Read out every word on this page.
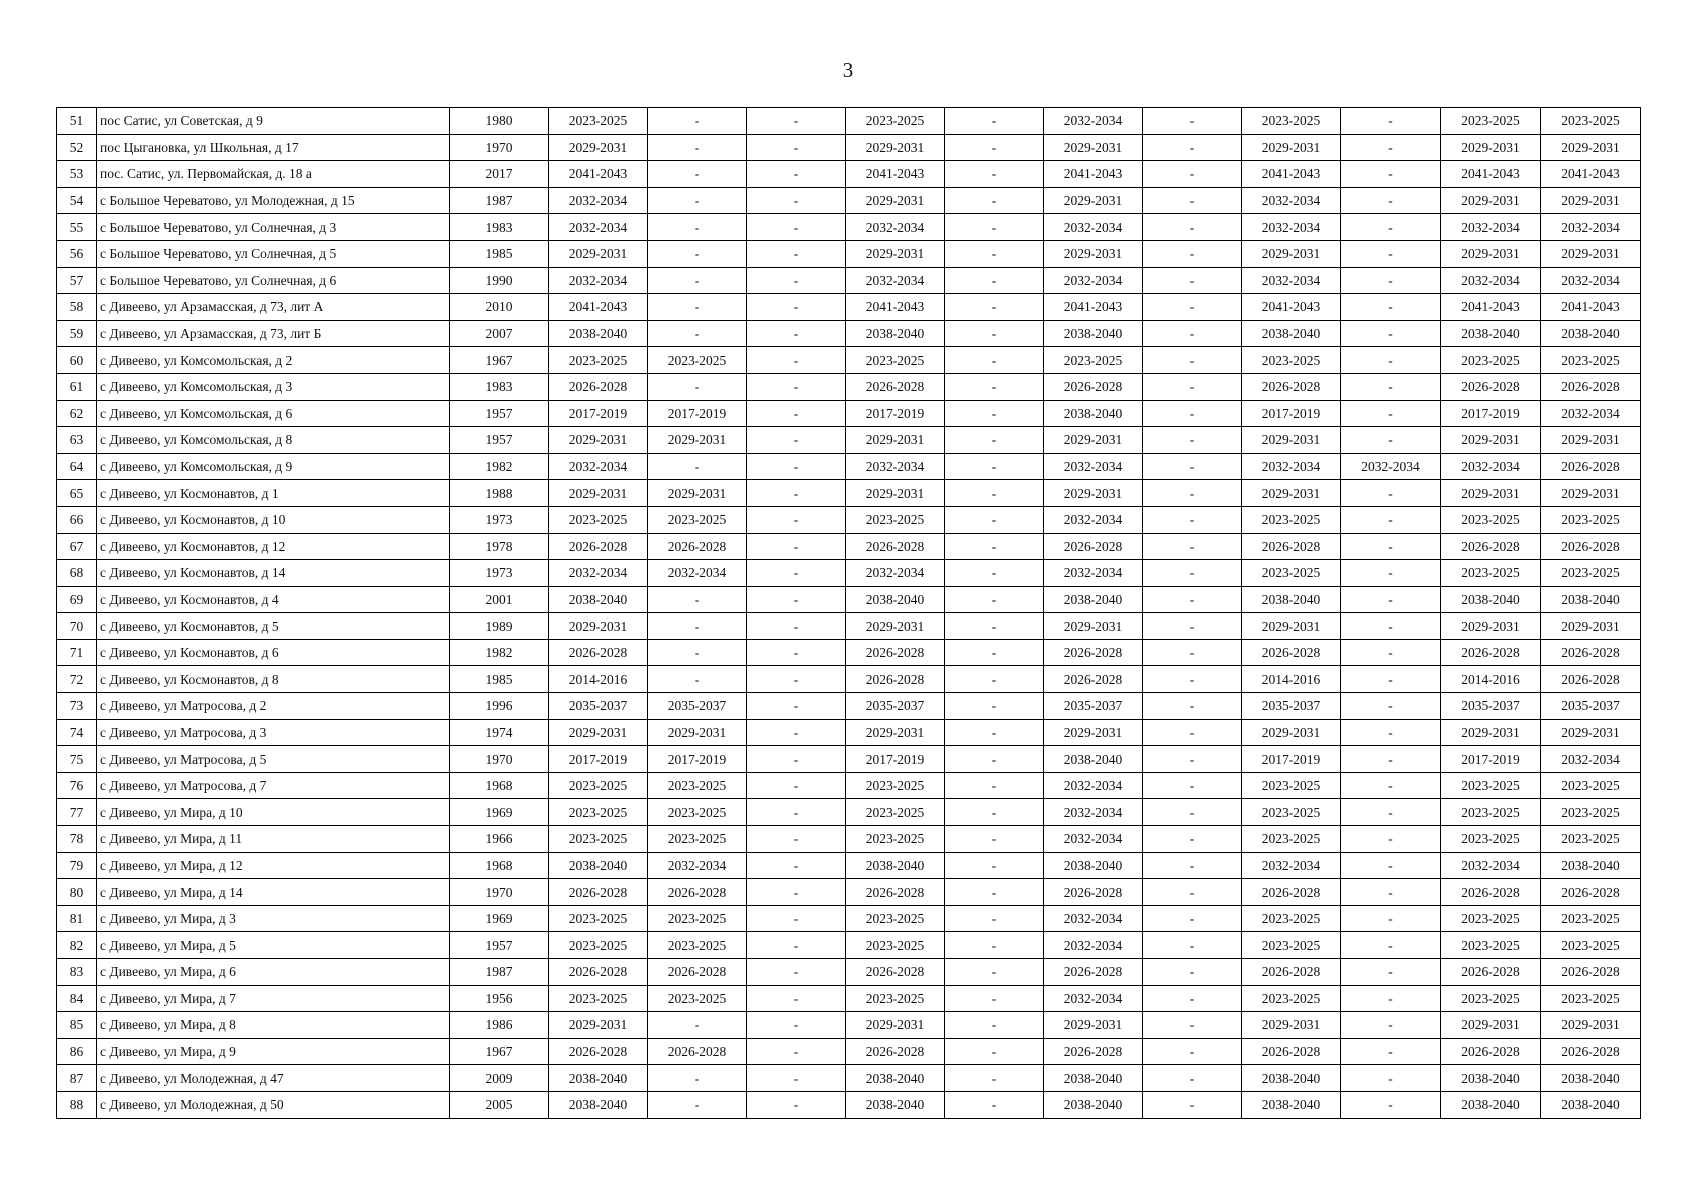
3
51	пос Сатис, ул Советская, д 9	1980	2023-2025	-	-	2023-2025	-	2032-2034	-	2023-2025	-	2023-2025	2023-2025
52	пос Цыгановка, ул Школьная, д 17	1970	2029-2031	-	-	2029-2031	-	2029-2031	-	2029-2031	-	2029-2031	2029-2031
53	пос. Сатис, ул. Первомайская, д. 18 а	2017	2041-2043	-	-	2041-2043	-	2041-2043	-	2041-2043	-	2041-2043	2041-2043
54	с Большое Череватово, ул Молодежная, д 15	1987	2032-2034	-	-	2029-2031	-	2029-2031	-	2032-2034	-	2029-2031	2029-2031
55	с Большое Череватово, ул Солнечная, д 3	1983	2032-2034	-	-	2032-2034	-	2032-2034	-	2032-2034	-	2032-2034	2032-2034
56	с Большое Череватово, ул Солнечная, д 5	1985	2029-2031	-	-	2029-2031	-	2029-2031	-	2029-2031	-	2029-2031	2029-2031
57	с Большое Череватово, ул Солнечная, д 6	1990	2032-2034	-	-	2032-2034	-	2032-2034	-	2032-2034	-	2032-2034	2032-2034
58	с Дивеево, ул Арзамасская, д 73, лит А	2010	2041-2043	-	-	2041-2043	-	2041-2043	-	2041-2043	-	2041-2043	2041-2043
59	с Дивеево, ул Арзамасская, д 73, лит Б	2007	2038-2040	-	-	2038-2040	-	2038-2040	-	2038-2040	-	2038-2040	2038-2040
60	с Дивеево, ул Комсомольская, д 2	1967	2023-2025	2023-2025	-	2023-2025	-	2023-2025	-	2023-2025	-	2023-2025	2023-2025
61	с Дивеево, ул Комсомольская, д 3	1983	2026-2028	-	-	2026-2028	-	2026-2028	-	2026-2028	-	2026-2028	2026-2028
62	с Дивеево, ул Комсомольская, д 6	1957	2017-2019	2017-2019	-	2017-2019	-	2038-2040	-	2017-2019	-	2017-2019	2032-2034
63	с Дивеево, ул Комсомольская, д 8	1957	2029-2031	2029-2031	-	2029-2031	-	2029-2031	-	2029-2031	-	2029-2031	2029-2031
64	с Дивеево, ул Комсомольская, д 9	1982	2032-2034	-	-	2032-2034	-	2032-2034	-	2032-2034	2032-2034	2032-2034	2026-2028
65	с Дивеево, ул Космонавтов, д 1	1988	2029-2031	2029-2031	-	2029-2031	-	2029-2031	-	2029-2031	-	2029-2031	2029-2031
66	с Дивеево, ул Космонавтов, д 10	1973	2023-2025	2023-2025	-	2023-2025	-	2032-2034	-	2023-2025	-	2023-2025	2023-2025
67	с Дивеево, ул Космонавтов, д 12	1978	2026-2028	2026-2028	-	2026-2028	-	2026-2028	-	2026-2028	-	2026-2028	2026-2028
68	с Дивеево, ул Космонавтов, д 14	1973	2032-2034	2032-2034	-	2032-2034	-	2032-2034	-	2023-2025	-	2023-2025	2023-2025
69	с Дивеево, ул Космонавтов, д 4	2001	2038-2040	-	-	2038-2040	-	2038-2040	-	2038-2040	-	2038-2040	2038-2040
70	с Дивеево, ул Космонавтов, д 5	1989	2029-2031	-	-	2029-2031	-	2029-2031	-	2029-2031	-	2029-2031	2029-2031
71	с Дивеево, ул Космонавтов, д 6	1982	2026-2028	-	-	2026-2028	-	2026-2028	-	2026-2028	-	2026-2028	2026-2028
72	с Дивеево, ул Космонавтов, д 8	1985	2014-2016	-	-	2026-2028	-	2026-2028	-	2014-2016	-	2014-2016	2026-2028
73	с Дивеево, ул Матросова, д 2	1996	2035-2037	2035-2037	-	2035-2037	-	2035-2037	-	2035-2037	-	2035-2037	2035-2037
74	с Дивеево, ул Матросова, д 3	1974	2029-2031	2029-2031	-	2029-2031	-	2029-2031	-	2029-2031	-	2029-2031	2029-2031
75	с Дивеево, ул Матросова, д 5	1970	2017-2019	2017-2019	-	2017-2019	-	2038-2040	-	2017-2019	-	2017-2019	2032-2034
76	с Дивеево, ул Матросова, д 7	1968	2023-2025	2023-2025	-	2023-2025	-	2032-2034	-	2023-2025	-	2023-2025	2023-2025
77	с Дивеево, ул Мира, д 10	1969	2023-2025	2023-2025	-	2023-2025	-	2032-2034	-	2023-2025	-	2023-2025	2023-2025
78	с Дивеево, ул Мира, д 11	1966	2023-2025	2023-2025	-	2023-2025	-	2032-2034	-	2023-2025	-	2023-2025	2023-2025
79	с Дивеево, ул Мира, д 12	1968	2038-2040	2032-2034	-	2038-2040	-	2038-2040	-	2032-2034	-	2032-2034	2038-2040
80	с Дивеево, ул Мира, д 14	1970	2026-2028	2026-2028	-	2026-2028	-	2026-2028	-	2026-2028	-	2026-2028	2026-2028
81	с Дивеево, ул Мира, д 3	1969	2023-2025	2023-2025	-	2023-2025	-	2032-2034	-	2023-2025	-	2023-2025	2023-2025
82	с Дивеево, ул Мира, д 5	1957	2023-2025	2023-2025	-	2023-2025	-	2032-2034	-	2023-2025	-	2023-2025	2023-2025
83	с Дивеево, ул Мира, д 6	1987	2026-2028	2026-2028	-	2026-2028	-	2026-2028	-	2026-2028	-	2026-2028	2026-2028
84	с Дивеево, ул Мира, д 7	1956	2023-2025	2023-2025	-	2023-2025	-	2032-2034	-	2023-2025	-	2023-2025	2023-2025
85	с Дивеево, ул Мира, д 8	1986	2029-2031	-	-	2029-2031	-	2029-2031	-	2029-2031	-	2029-2031	2029-2031
86	с Дивеево, ул Мира, д 9	1967	2026-2028	2026-2028	-	2026-2028	-	2026-2028	-	2026-2028	-	2026-2028	2026-2028
87	с Дивеево, ул Молодежная, д 47	2009	2038-2040	-	-	2038-2040	-	2038-2040	-	2038-2040	-	2038-2040	2038-2040
88	с Дивеево, ул Молодежная, д 50	2005	2038-2040	-	-	2038-2040	-	2038-2040	-	2038-2040	-	2038-2040	2038-2040
